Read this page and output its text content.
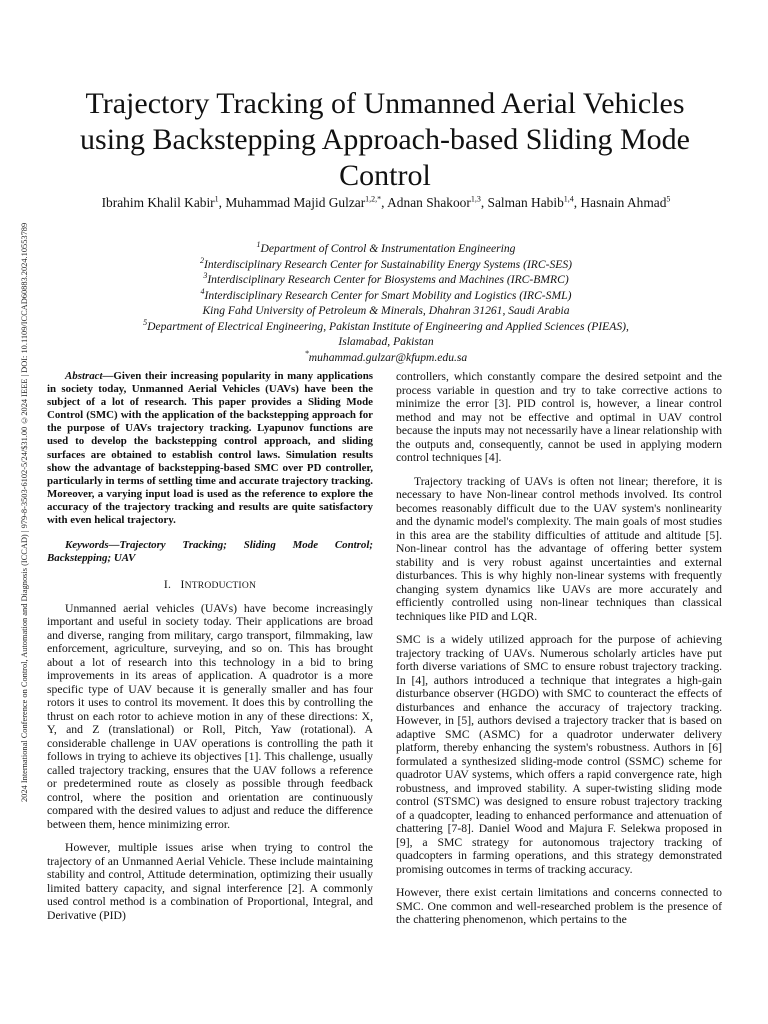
2024 International Conference on Control, Automation and Diagnosis (ICCAD) | 979-8-3503-6102-5/24/$31.00 ©2024 IEEE | DOI: 10.1109/ICCAD60883.2024.10553789
Trajectory Tracking of Unmanned Aerial Vehicles using Backstepping Approach-based Sliding Mode Control
Ibrahim Khalil Kabir$^1$, Muhammad Majid Gulzar$^{1,2,*}$, Adnan Shakoor$^{1,3}$, Salman Habib$^{1,4}$, Hasnain Ahmad$^5$
$^1$Department of Control & Instrumentation Engineering
$^2$Interdisciplinary Research Center for Sustainability Energy Systems (IRC-SES)
$^3$Interdisciplinary Research Center for Biosystems and Machines (IRC-BMRC)
$^4$Interdisciplinary Research Center for Smart Mobility and Logistics (IRC-SML)
King Fahd University of Petroleum & Minerals, Dhahran 31261, Saudi Arabia
$^5$Department of Electrical Engineering, Pakistan Institute of Engineering and Applied Sciences (PIEAS),
Islamabad, Pakistan
*muhammad.gulzar@kfupm.edu.sa

Abstract—Given their increasing popularity in many applications in society today, Unmanned Aerial Vehicles (UAVs) have been the subject of a lot of research. This paper provides a Sliding Mode Control (SMC) with the application of the backstepping approach for the purpose of UAVs trajectory tracking. Lyapunov functions are used to develop the backstepping control approach, and sliding surfaces are obtained to establish control laws. Simulation results show the advantage of backstepping-based SMC over PD controller, particularly in terms of settling time and accurate trajectory tracking. Moreover, a varying input load is used as the reference to explore the accuracy of the trajectory tracking and results are quite satisfactory with even helical trajectory.

Keywords—Trajectory Tracking; Sliding Mode Control; Backstepping; UAV

I. INTRODUCTION

Unmanned aerial vehicles (UAVs) have become increasingly important and useful in society today. Their applications are broad and diverse, ranging from military, cargo transport, filmmaking, law enforcement, agriculture, surveying, and so on. This has brought about a lot of research into this technology in a bid to bring improvements in its areas of application. A quadrotor is a more specific type of UAV because it is generally smaller and has four rotors it uses to control its movement. It does this by controlling the thrust on each rotor to achieve motion in any of these directions: X, Y, and Z (translational) or Roll, Pitch, Yaw (rotational). A considerable challenge in UAV operations is controlling the path it follows in trying to achieve its objectives [1]. This challenge, usually called trajectory tracking, ensures that the UAV follows a reference or predetermined route as closely as possible through feedback control, where the position and orientation are continuously compared with the desired values to adjust and reduce the difference between them, hence minimizing error.

However, multiple issues arise when trying to control the trajectory of an Unmanned Aerial Vehicle. These include maintaining stability and control, Attitude determination, optimizing their usually limited battery capacity, and signal interference [2]. A commonly used control method is a combination of Proportional, Integral, and Derivative (PID)

controllers, which constantly compare the desired setpoint and the process variable in question and try to take corrective actions to minimize the error [3]. PID control is, however, a linear control method and may not be effective and optimal in UAV control because the inputs may not necessarily have a linear relationship with the outputs and, consequently, cannot be used in applying modern control techniques [4].

Trajectory tracking of UAVs is often not linear; therefore, it is necessary to have Non-linear control methods involved. Its control becomes reasonably difficult due to the UAV system's nonlinearity and the dynamic model's complexity. The main goals of most studies in this area are the stability difficulties of attitude and altitude [5]. Non-linear control has the advantage of offering better system stability and is very robust against uncertainties and external disturbances. This is why highly non-linear systems with frequently changing system dynamics like UAVs are more accurately and efficiently controlled using non-linear techniques than classical techniques like PID and LQR.

SMC is a widely utilized approach for the purpose of achieving trajectory tracking of UAVs. Numerous scholarly articles have put forth diverse variations of SMC to ensure robust trajectory tracking. In [4], authors introduced a technique that integrates a high-gain disturbance observer (HGDO) with SMC to counteract the effects of disturbances and enhance the accuracy of trajectory tracking. However, in [5], authors devised a trajectory tracker that is based on adaptive SMC (ASMC) for a quadrotor underwater delivery platform, thereby enhancing the system's robustness. Authors in [6] formulated a synthesized sliding-mode control (SSMC) scheme for quadrotor UAV systems, which offers a rapid convergence rate, high robustness, and improved stability. A super-twisting sliding mode control (STSMC) was designed to ensure robust trajectory tracking of a quadcopter, leading to enhanced performance and attenuation of chattering [7-8]. Daniel Wood and Majura F. Selekwa proposed in [9], a SMC strategy for autonomous trajectory tracking of quadcopters in farming operations, and this strategy demonstrated promising outcomes in terms of tracking accuracy.

However, there exist certain limitations and concerns connected to SMC. One common and well-researched problem is the presence of the chattering phenomenon, which pertains to the
